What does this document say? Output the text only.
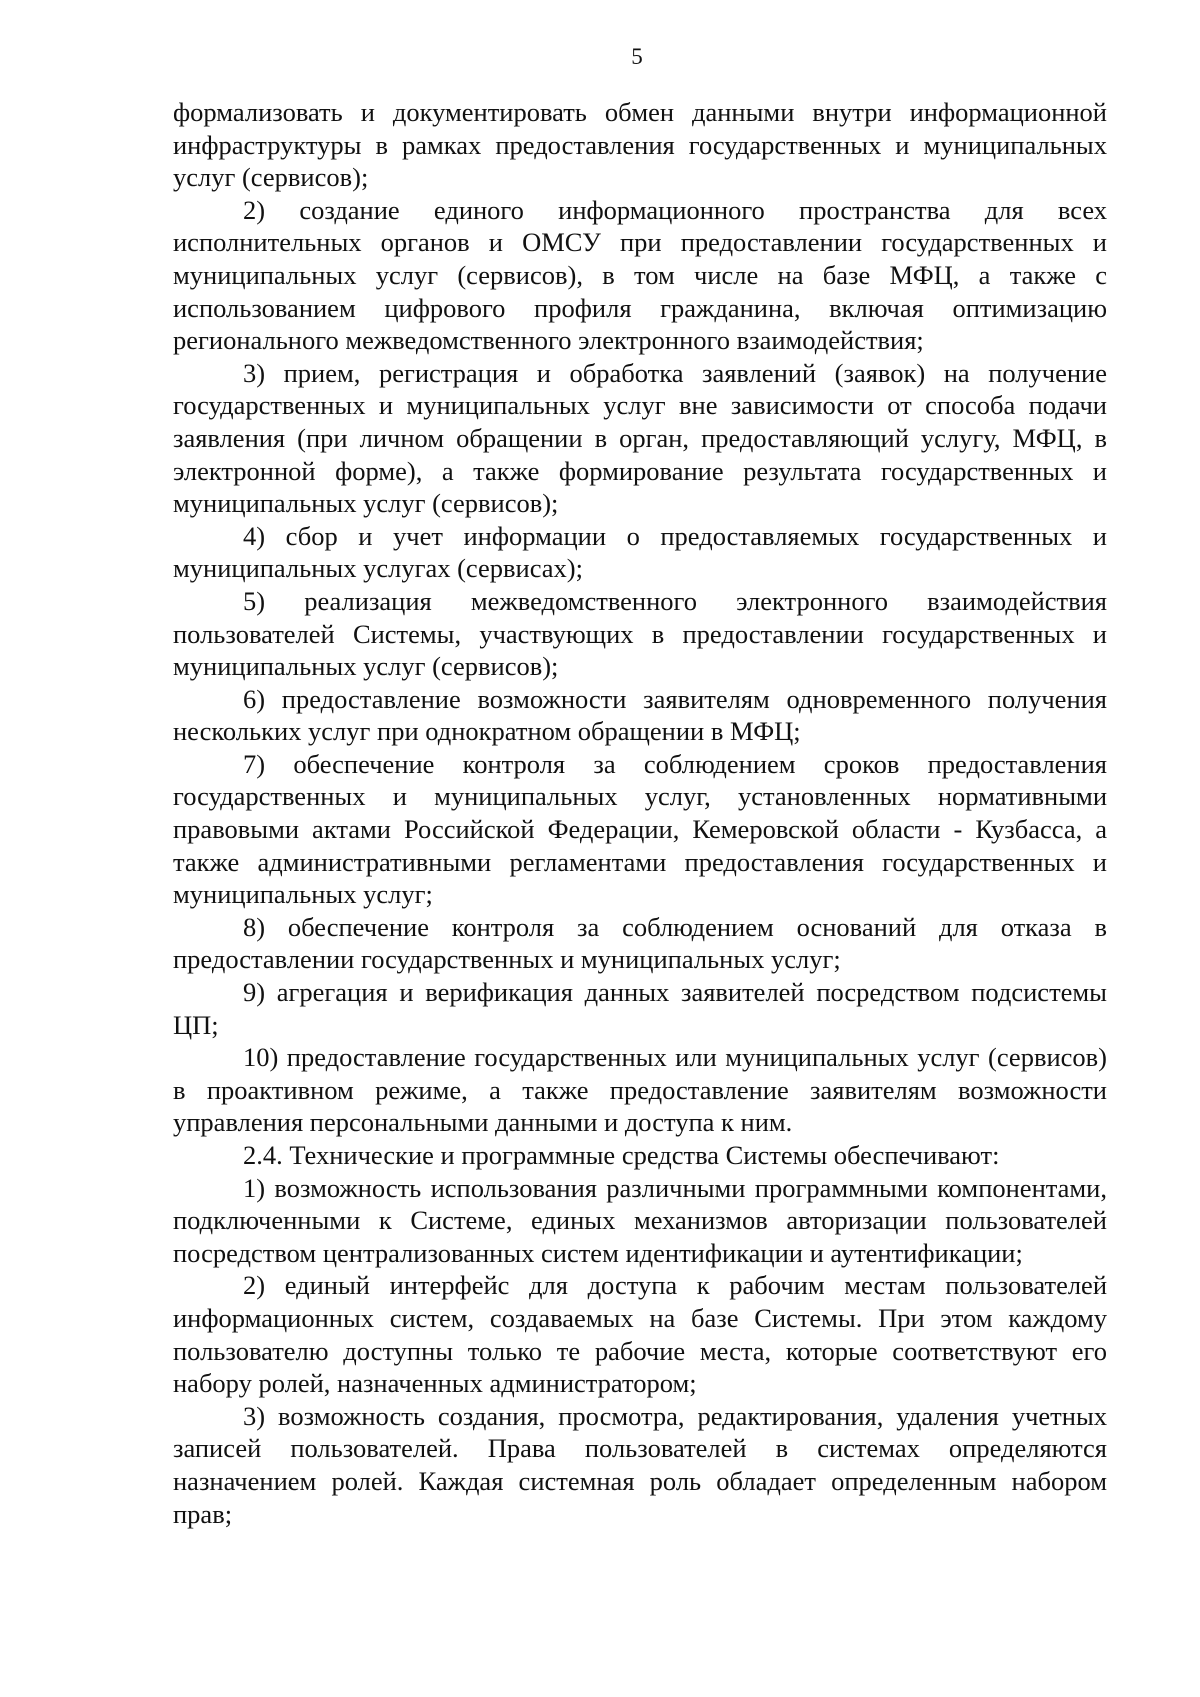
5

формализовать и документировать обмен данными внутри информационной инфраструктуры в рамках предоставления государственных и муниципальных услуг (сервисов);

2) создание единого информационного пространства для всех исполнительных органов и ОМСУ при предоставлении государственных и муниципальных услуг (сервисов), в том числе на базе МФЦ, а также с использованием цифрового профиля гражданина, включая оптимизацию регионального межведомственного электронного взаимодействия;

3) прием, регистрация и обработка заявлений (заявок) на получение государственных и муниципальных услуг вне зависимости от способа подачи заявления (при личном обращении в орган, предоставляющий услугу, МФЦ, в электронной форме), а также формирование результата государственных и муниципальных услуг (сервисов);

4) сбор и учет информации о предоставляемых государственных и муниципальных услугах (сервисах);

5) реализация межведомственного электронного взаимодействия пользователей Системы, участвующих в предоставлении государственных и муниципальных услуг (сервисов);

6) предоставление возможности заявителям одновременного получения нескольких услуг при однократном обращении в МФЦ;

7) обеспечение контроля за соблюдением сроков предоставления государственных и муниципальных услуг, установленных нормативными правовыми актами Российской Федерации, Кемеровской области - Кузбасса, а также административными регламентами предоставления государственных и муниципальных услуг;

8) обеспечение контроля за соблюдением оснований для отказа в предоставлении государственных и муниципальных услуг;

9) агрегация и верификация данных заявителей посредством подсистемы ЦП;

10) предоставление государственных или муниципальных услуг (сервисов) в проактивном режиме, а также предоставление заявителям возможности управления персональными данными и доступа к ним.

2.4. Технические и программные средства Системы обеспечивают:

1) возможность использования различными программными компонентами, подключенными к Системе, единых механизмов авторизации пользователей посредством централизованных систем идентификации и аутентификации;

2) единый интерфейс для доступа к рабочим местам пользователей информационных систем, создаваемых на базе Системы. При этом каждому пользователю доступны только те рабочие места, которые соответствуют его набору ролей, назначенных администратором;

3) возможность создания, просмотра, редактирования, удаления учетных записей пользователей. Права пользователей в системах определяются назначением ролей. Каждая системная роль обладает определенным набором прав;
